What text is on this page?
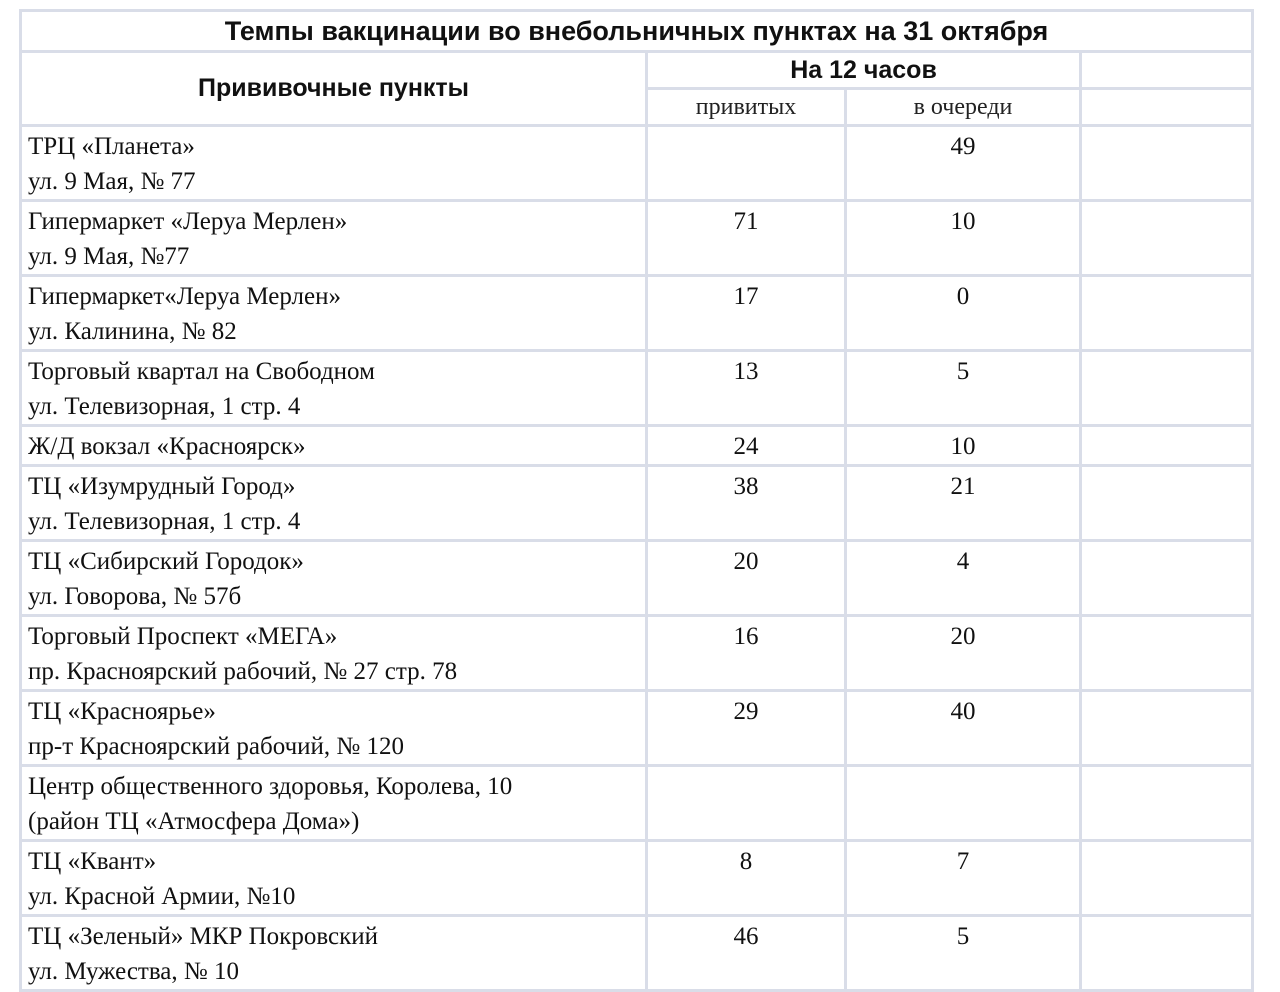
Темпы вакцинации во внебольничных пунктах на 31 октября			
Прививочные пункты	На 12 часов		
	привитых	в очереди	

ТРЦ «Планета»
ул. 9 Мая, № 77		49	

Гипермаркет «Леруа Мерлен»
ул. 9 Мая, №77	71	10	

Гипермаркет«Леруа Мерлен»
ул. Калинина, № 82	17	0	

Торговый квартал на Свободном
ул. Телевизорная, 1 стр. 4	13	5	

Ж/Д вокзал «Красноярск»	24	10	

ТЦ «Изумрудный Город»
ул. Телевизорная, 1 стр. 4	38	21	

ТЦ «Сибирский Городок»
ул. Говорова, № 57б	20	4	

Торговый Проспект «МЕГА»
пр. Красноярский рабочий, № 27 стр. 78	16	20	

ТЦ «Красноярье»
пр-т Красноярский рабочий, № 120	29	40	

Центр общественного здоровья, Королева, 10
(район ТЦ «Атмосфера Дома»)			

ТЦ «Квант»
ул. Красной Армии, №10	8	7	

ТЦ «Зеленый» МКР Покровский
ул. Мужества, № 10	46	5	
